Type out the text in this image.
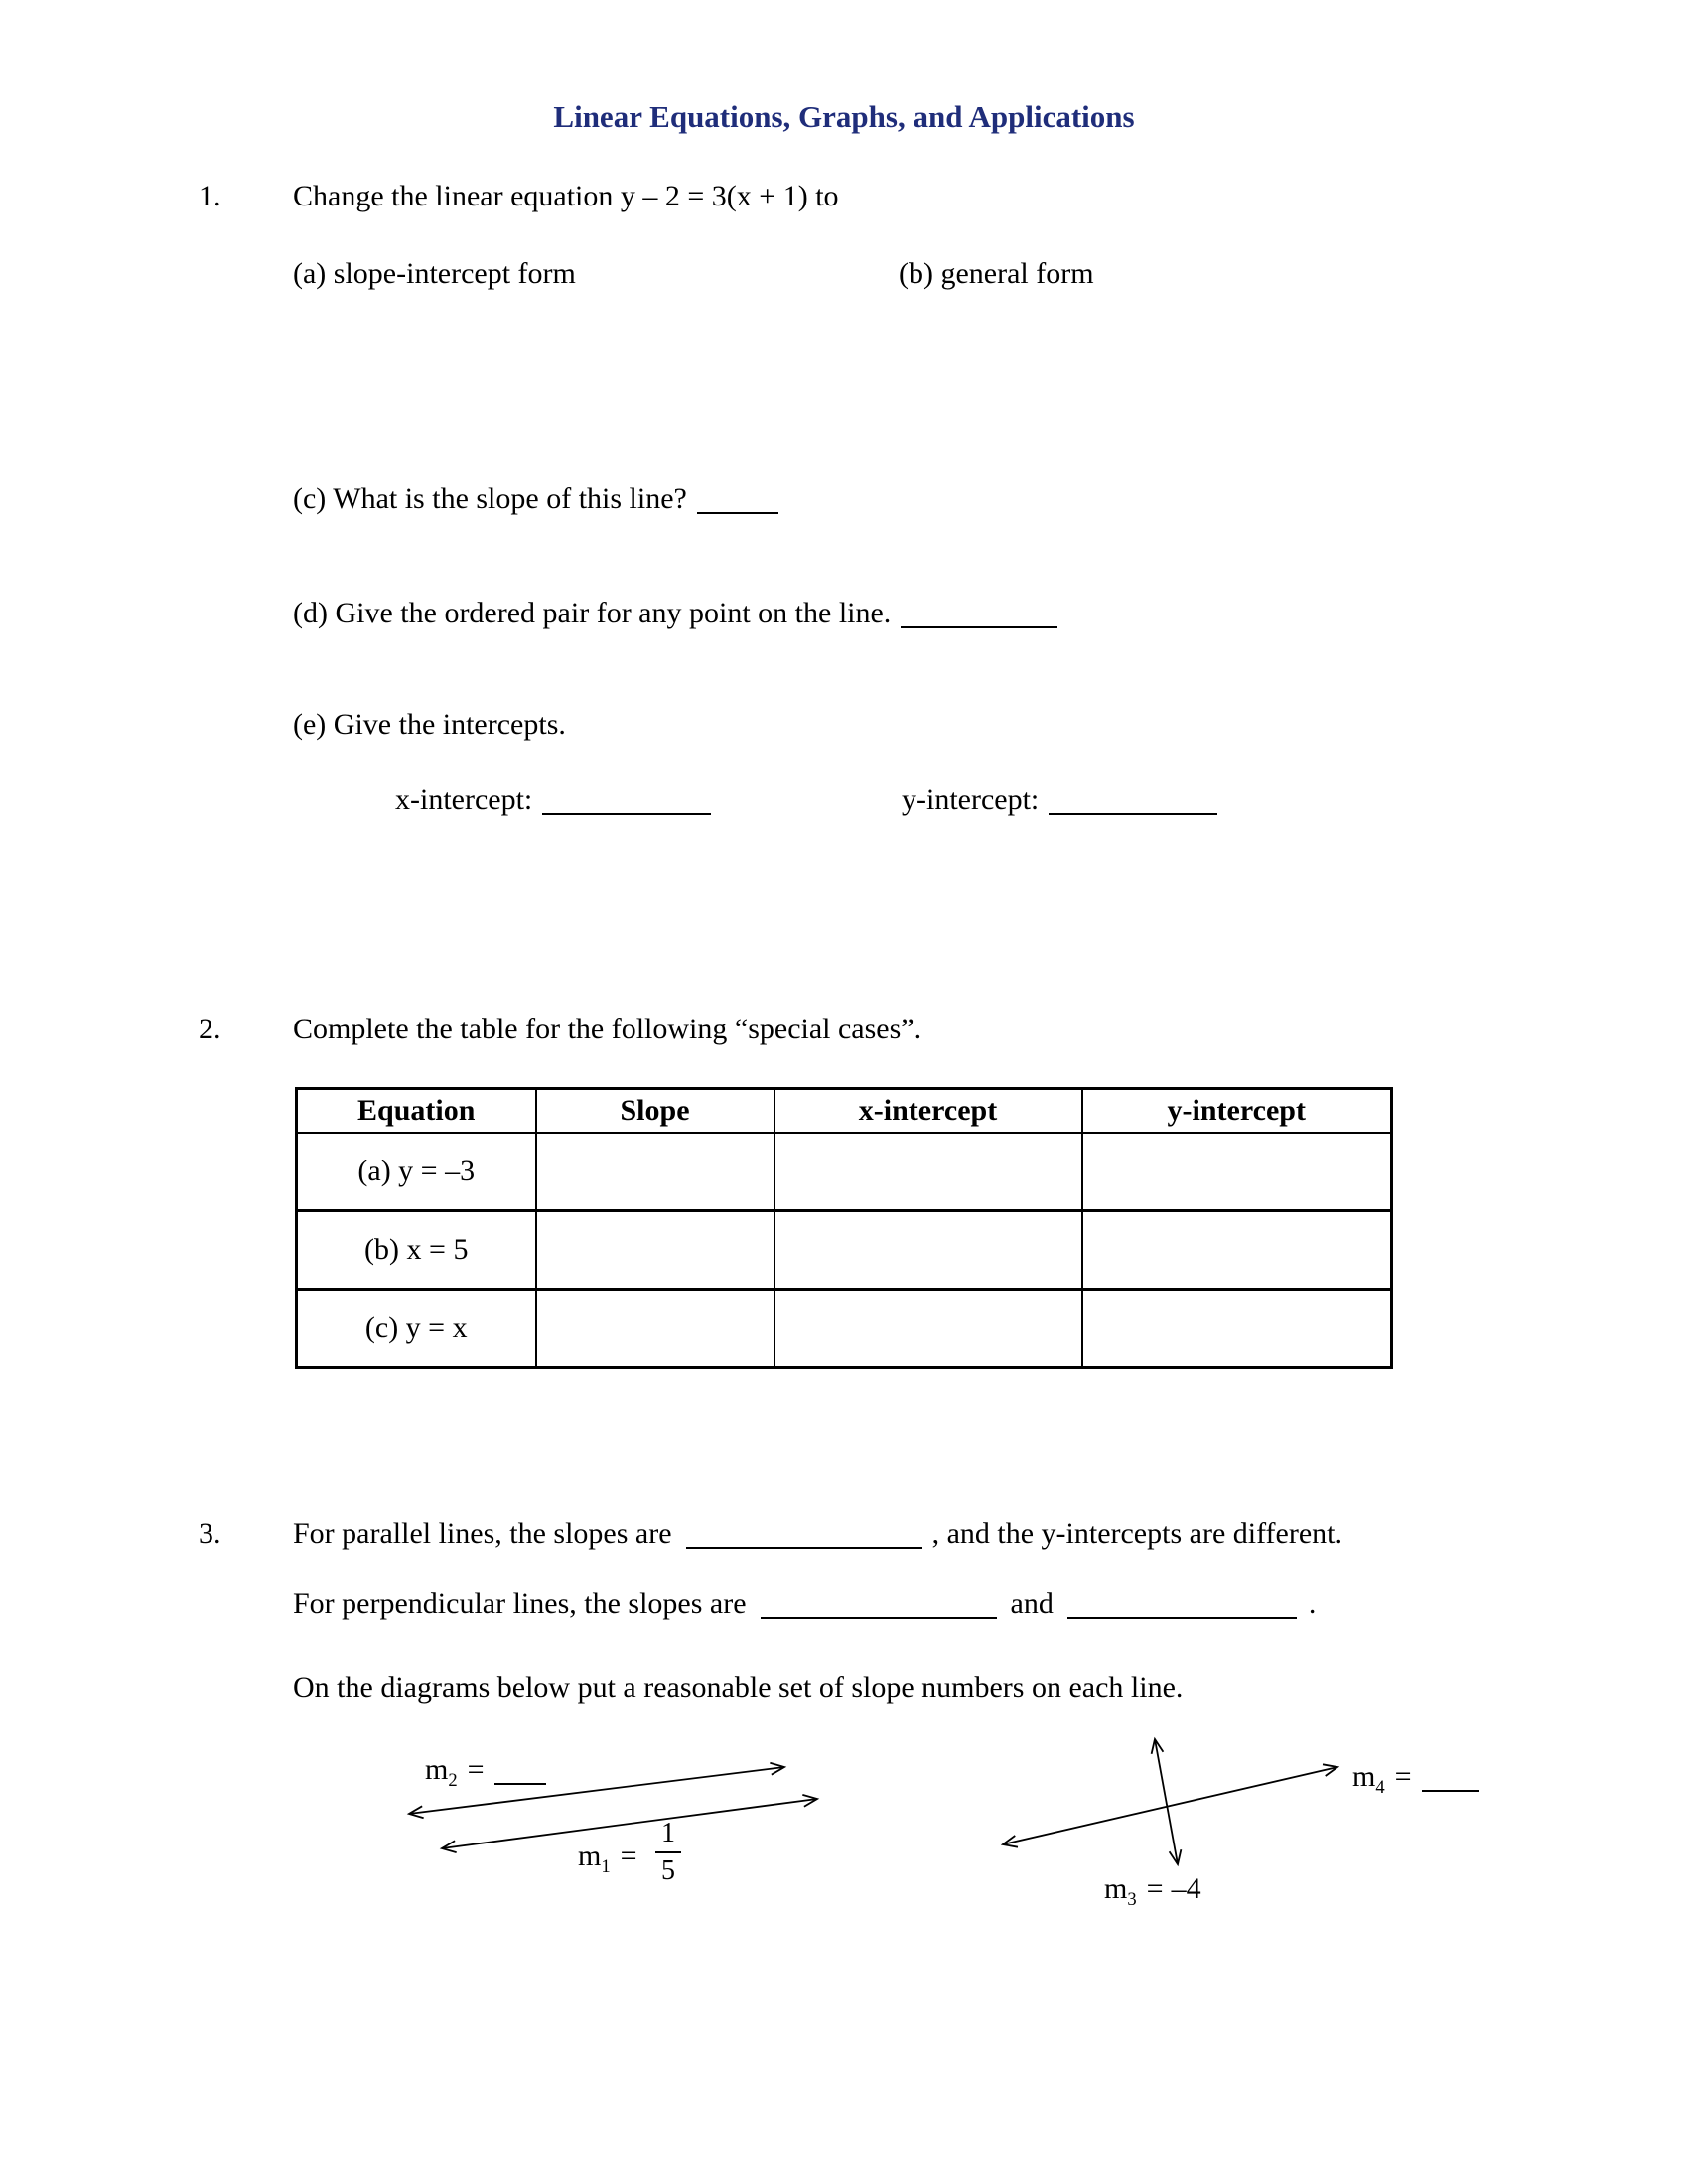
Linear Equations, Graphs, and Applications
1. Change the linear equation y – 2 = 3(x + 1) to
(a) slope-intercept form	(b) general form
(c) What is the slope of this line?
(d) Give the ordered pair for any point on the line.
(e) Give the intercepts.
x-intercept:	y-intercept:
2. Complete the table for the following “special cases”.
Equation	Slope	x-intercept	y-intercept
(a) y = –3			
(b) x = 5			
(c) y = x			
3. For parallel lines, the slopes are	, and the y-intercepts are different.
For perpendicular lines, the slopes are	and	.
On the diagrams below put a reasonable set of slope numbers on each line.
$m_2$ =
$m_1 = \frac{1}{5}$
$m_4$ =
$m_3 = -4$
